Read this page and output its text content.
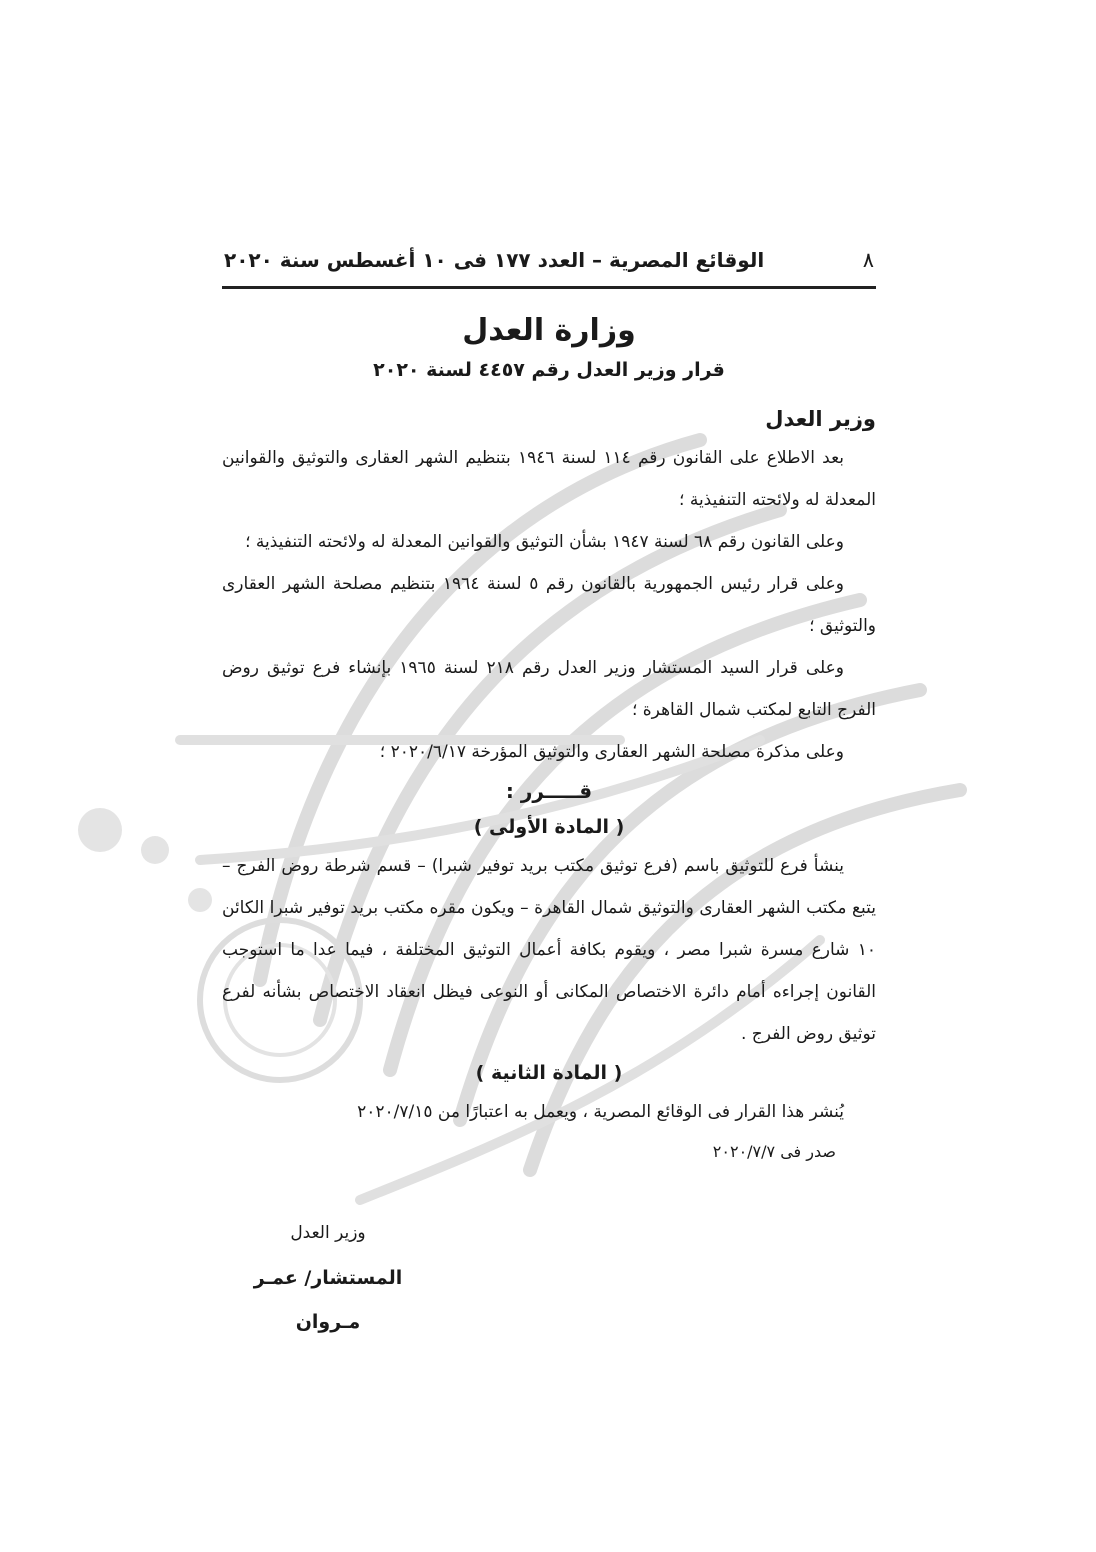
٨
الوقائع المصرية – العدد ١٧٧ فى ١٠ أغسطس سنة ٢٠٢٠
وزارة العدل
قرار وزير العدل رقم ٤٤٥٧ لسنة ٢٠٢٠
وزير العدل
بعد الاطلاع على القانون رقم ١١٤ لسنة ١٩٤٦ بتنظيم الشهر العقارى والتوثيق والقوانين المعدلة له ولائحته التنفيذية ؛
وعلى القانون رقم ٦٨ لسنة ١٩٤٧ بشأن التوثيق والقوانين المعدلة له ولائحته التنفيذية ؛
وعلى قرار رئيس الجمهورية بالقانون رقم ٥ لسنة ١٩٦٤ بتنظيم مصلحة الشهر العقارى والتوثيق ؛
وعلى قرار السيد المستشار وزير العدل رقم ٢١٨ لسنة ١٩٦٥ بإنشاء فرع توثيق روض الفرج التابع لمكتب شمال القاهرة ؛
وعلى مذكرة مصلحة الشهر العقارى والتوثيق المؤرخة ٢٠٢٠/٦/١٧ ؛
قـــــرر :
( المادة الأولى )
ينشأ فرع للتوثيق باسم (فرع توثيق مكتب بريد توفير شبرا) – قسم شرطة روض الفرج – يتبع مكتب الشهر العقارى والتوثيق شمال القاهرة – ويكون مقره مكتب بريد توفير شبرا الكائن ١٠ شارع مسرة شبرا مصر ، ويقوم بكافة أعمال التوثيق المختلفة ، فيما عدا ما استوجب القانون إجراءه أمام دائرة الاختصاص المكانى أو النوعى فيظل انعقاد الاختصاص بشأنه لفرع توثيق روض الفرج .
( المادة الثانية )
يُنشر هذا القرار فى الوقائع المصرية ، ويعمل به اعتبارًا من ٢٠٢٠/٧/١٥
صدر فى ٢٠٢٠/٧/٧
وزير العدل
المستشار/ عمـر مـروان
